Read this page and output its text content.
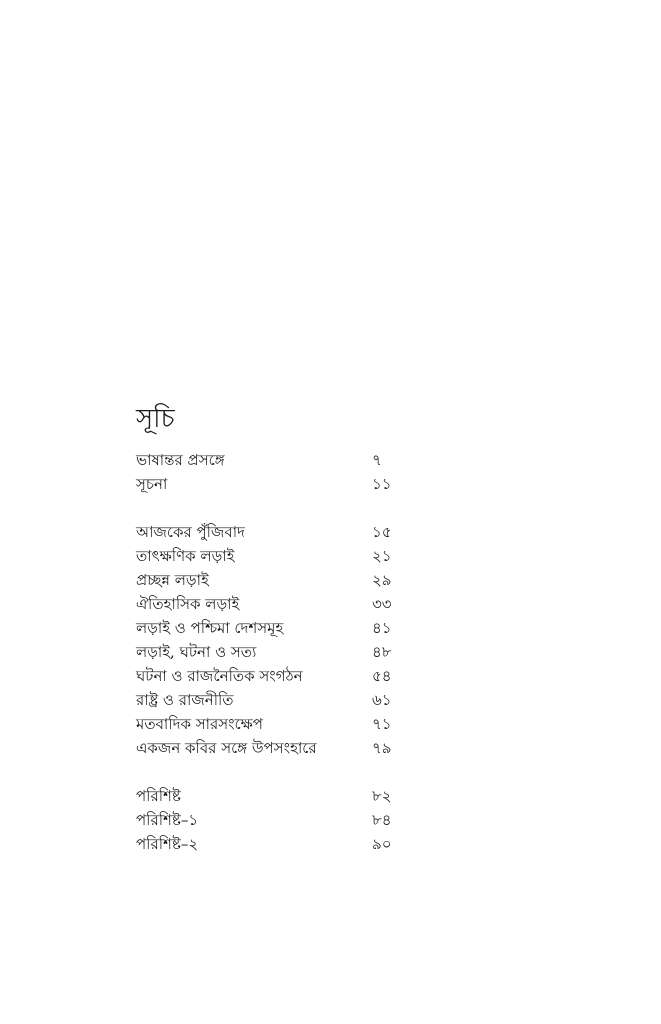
সূচি
ভাষান্তর প্রসঙ্গে	৭
সূচনা	১১
আজকের পুঁজিবাদ	১৫
তাৎক্ষণিক লড়াই	২১
প্রচ্ছন্ন লড়াই	২৯
ঐতিহাসিক লড়াই	৩৩
লড়াই ও পশ্চিমা দেশসমূহ	৪১
লড়াই, ঘটনা ও সত্য	৪৮
ঘটনা ও রাজনৈতিক সংগঠন	৫৪
রাষ্ট্র ও রাজনীতি	৬১
মতবাদিক সারসংক্ষেপ	৭১
একজন কবির সঙ্গে উপসংহারে	৭৯
পরিশিষ্ট	৮২
পরিশিষ্ট–১	৮৪
পরিশিষ্ট–২	৯০
